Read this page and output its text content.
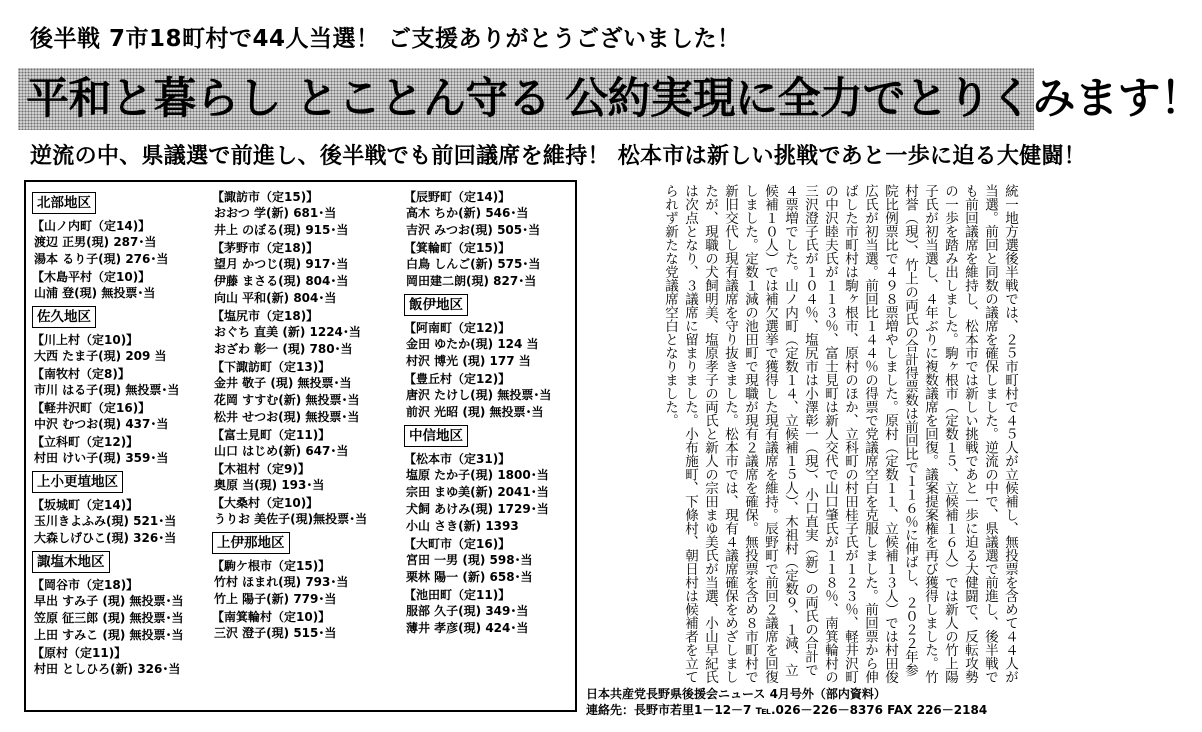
後半戦 7市18町村で44人当選！ ご支援ありがとうございました！
平和と暮らし とことん守る 公約実現に全力でとりくみます！
逆流の中、県議選で前進し、後半戦でも前回議席を維持！ 松本市は新しい挑戦であと一歩に迫る大健闘！
北部地区
【山ノ内町（定14)】
渡辺 正男(現) 287･当
湯本 るり子(現) 276･当
【木島平村（定10)】
山浦 登(現) 無投票･当
佐久地区
【川上村（定10)】
大西 たま子(現) 209 当
【南牧村（定8)】
市川 はる子(現) 無投票･当
【軽井沢町（定16)】
中沢 むつお(現) 437･当
【立科町（定12)】
村田 けい子(現) 359･当
上小更埴地区
【坂城町（定14)】
玉川きよふみ(現) 521･当
大森しげひこ(現) 326･当
諏塩木地区
【岡谷市（定18)】
早出 すみ子 (現) 無投票･当
笠原 征三郎 (現) 無投票･当
上田 すみこ (現) 無投票･当
【原村（定11)】
村田 としひろ(新) 326･当
【諏訪市（定15)】
おおつ 学(新) 681･当
井上 のぼる(現) 915･当
【茅野市（定18)】
望月 かつじ(現) 917･当
伊藤 まさる(現) 804･当
向山 平和(新) 804･当
【塩尻市（定18)】
おぐち 直美 (新) 1224･当
おざわ 彰一 (現) 780･当
【下諏訪町（定13)】
金井 敬子 (現) 無投票･当
花岡 すすむ(新) 無投票･当
松井 せつお(現) 無投票･当
【富士見町（定11)】
山口 はじめ(新) 647･当
【木祖村（定9)】
奥原 当(現) 193･当
【大桑村（定10)】
うりお 美佐子(現)無投票･当
上伊那地区
【駒ケ根市（定15)】
竹村 ほまれ(現) 793･当
竹上 陽子(新) 779･当
【南箕輪村（定10)】
三沢 澄子(現) 515･当
【辰野町（定14)】
高木 ちか(新) 546･当
吉沢 みつお(現) 505･当
【箕輪町（定15)】
白鳥 しんご(新) 575･当
岡田建二朗(現) 827･当
飯伊地区
【阿南町（定12)】
金田 ゆたか(現) 124 当
村沢 博光 (現) 177 当
【豊丘村（定12)】
唐沢 たけし(現) 無投票･当
前沢 光昭 (現) 無投票･当
中信地区
【松本市（定31)】
塩原 たか子(現) 1800･当
宗田 まゆ美(新) 2041･当
犬飼 あけみ(現) 1729･当
小山 さき(新) 1393
【大町市（定16)】
宮田 一男 (現) 598･当
栗林 陽一 (新) 658･当
【池田町（定11)】
服部 久子(現) 349･当
薄井 孝彦(現) 424･当	統一地方選後半戦では、２５市町村で４５人が立候補し、無投票を含めて４４人が当選。前回と同数の議席を確保しました。逆流の中で、県議選で前進し、後半戦でも前回議席を維持し、松本市では新しい挑戦であと一歩に迫る大健闘で、反転攻勢の一歩を踏み出しました。駒ヶ根市（定数１５、立候補１６人）では新人の竹上陽子氏が初当選し、４年ぶりに複数議席を回復。議案提案権を再び獲得しました。竹村誉（現）、竹上の両氏の合計得票数は前回比で１１６％に伸ばし、２０２２年参院比例票比で４９８票増やしました。原村（定数１１、立候補１３人）では村田俊広氏が初当選。前回比１４４％の得票で党議席空白を克服しました。前回票から伸ばした市町村は駒ヶ根市、原村のほか、立科町の村田桂子氏が１２３％、軽井沢町の中沢睦夫氏が１１３％、富士見町は新人交代で山口肇氏が１１８％、南箕輪村の三沢澄子氏が１０４％、塩尻市は小澤彰一（現）、小口直実（新）の両氏の合計で４票増でした。山ノ内町（定数１４、立候補１５人）、木祖村（定数９、１減、立候補１０人）では補欠選挙で獲得した現有議席を維持。辰野町で前回２議席を回復しました。定数１減の池田町で現職が現有２議席を確保。無投票を含め８市町村で新旧交代し現有議席を守り抜きました。松本市では、現有４議席確保をめざしましたが、現職の犬飼明美、塩原孝子の両氏と新人の宗田まゆ美氏が当選、小山早紀氏は次点となり、３議席に留まりました。小布施町、下條村、朝日村は候補者を立てられず新たな党議席空白となりました。
日本共産党長野県後援会ニュース 4月号外（部内資料）
連絡先：長野市若里1－12－7 ℡.026－226－8376 FAX 226－2184
